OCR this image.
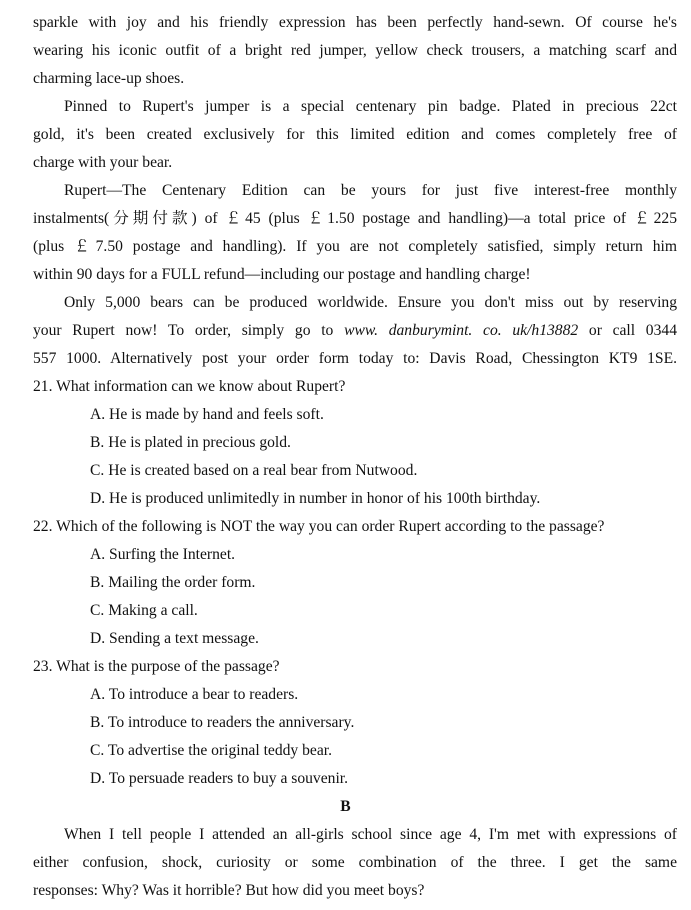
sparkle with joy and his friendly expression has been perfectly hand-sewn. Of course he's
wearing his iconic outfit of a bright red jumper, yellow check trousers, a matching scarf and
charming lace-up shoes.
Pinned to Rupert's jumper is a special centenary pin badge. Plated in precious 22ct
gold, it's been created exclusively for this limited edition and comes completely free of
charge with your bear.
Rupert—The Centenary Edition can be yours for just five interest-free monthly
instalments(分期付款) of ￡45 (plus ￡1.50 postage and handling)—a total price of ￡225
(plus ￡7.50 postage and handling). If you are not completely satisfied, simply return him
within 90 days for a FULL refund—including our postage and handling charge!
Only 5,000 bears can be produced worldwide. Ensure you don't miss out by reserving
your Rupert now! To order, simply go to www. danburymint. co. uk/h13882 or call 0344
557 1000. Alternatively post your order form today to: Davis Road, Chessington KT9 1SE.
21. What information can we know about Rupert?
A. He is made by hand and feels soft.
B. He is plated in precious gold.
C. He is created based on a real bear from Nutwood.
D. He is produced unlimitedly in number in honor of his 100th birthday.
22. Which of the following is NOT the way you can order Rupert according to the passage?
A. Surfing the Internet.
B. Mailing the order form.
C. Making a call.
D. Sending a text message.
23. What is the purpose of the passage?
A. To introduce a bear to readers.
B. To introduce to readers the anniversary.
C. To advertise the original teddy bear.
D. To persuade readers to buy a souvenir.
B
When I tell people I attended an all-girls school since age 4, I'm met with expressions of
either confusion, shock, curiosity or some combination of the three. I get the same
responses: Why? Was it horrible? But how did you meet boys?
